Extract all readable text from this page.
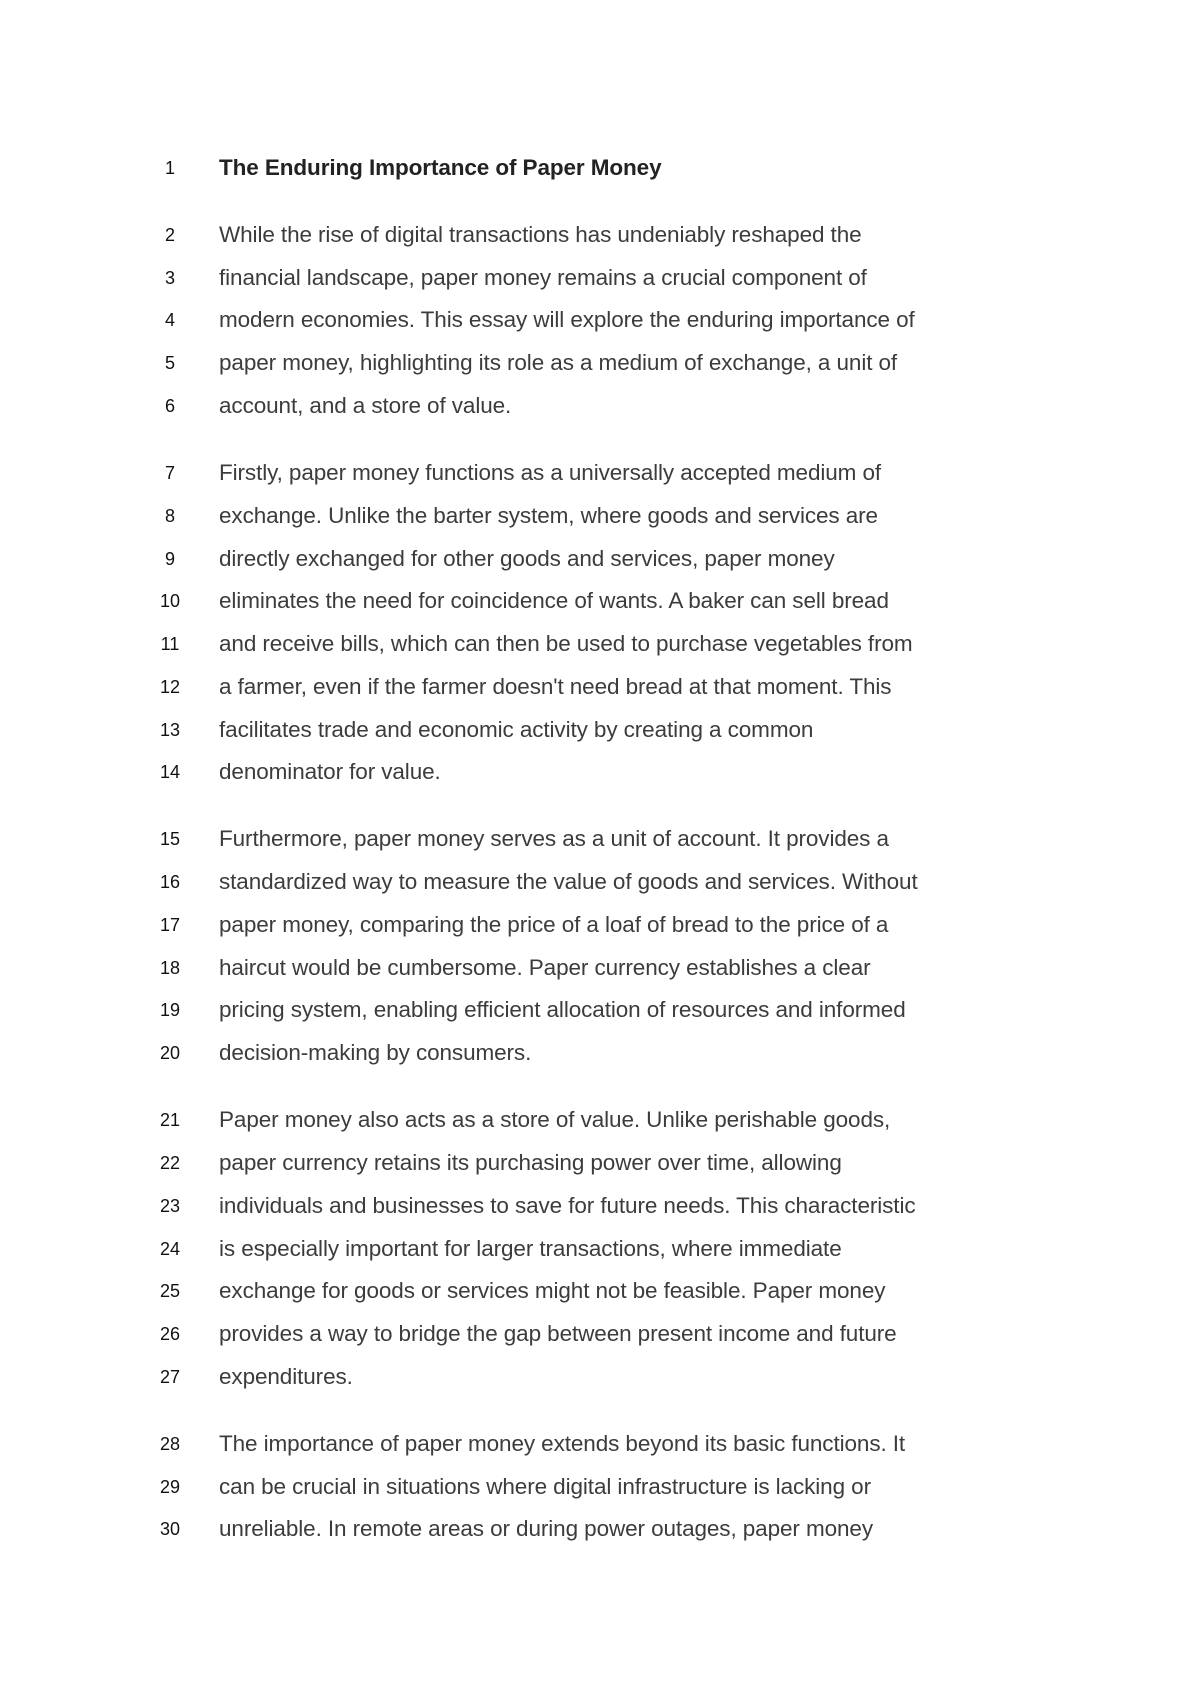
1	The Enduring Importance of Paper Money
2	While the rise of digital transactions has undeniably reshaped the
3	financial landscape, paper money remains a crucial component of
4	modern economies. This essay will explore the enduring importance of
5	paper money, highlighting its role as a medium of exchange, a unit of
6	account, and a store of value.
7	Firstly, paper money functions as a universally accepted medium of
8	exchange. Unlike the barter system, where goods and services are
9	directly exchanged for other goods and services, paper money
10	eliminates the need for coincidence of wants. A baker can sell bread
11	and receive bills, which can then be used to purchase vegetables from
12	a farmer, even if the farmer doesn't need bread at that moment. This
13	facilitates trade and economic activity by creating a common
14	denominator for value.
15	Furthermore, paper money serves as a unit of account. It provides a
16	standardized way to measure the value of goods and services. Without
17	paper money, comparing the price of a loaf of bread to the price of a
18	haircut would be cumbersome. Paper currency establishes a clear
19	pricing system, enabling efficient allocation of resources and informed
20	decision-making by consumers.
21	Paper money also acts as a store of value. Unlike perishable goods,
22	paper currency retains its purchasing power over time, allowing
23	individuals and businesses to save for future needs. This characteristic
24	is especially important for larger transactions, where immediate
25	exchange for goods or services might not be feasible. Paper money
26	provides a way to bridge the gap between present income and future
27	expenditures.
28	The importance of paper money extends beyond its basic functions. It
29	can be crucial in situations where digital infrastructure is lacking or
30	unreliable. In remote areas or during power outages, paper money
